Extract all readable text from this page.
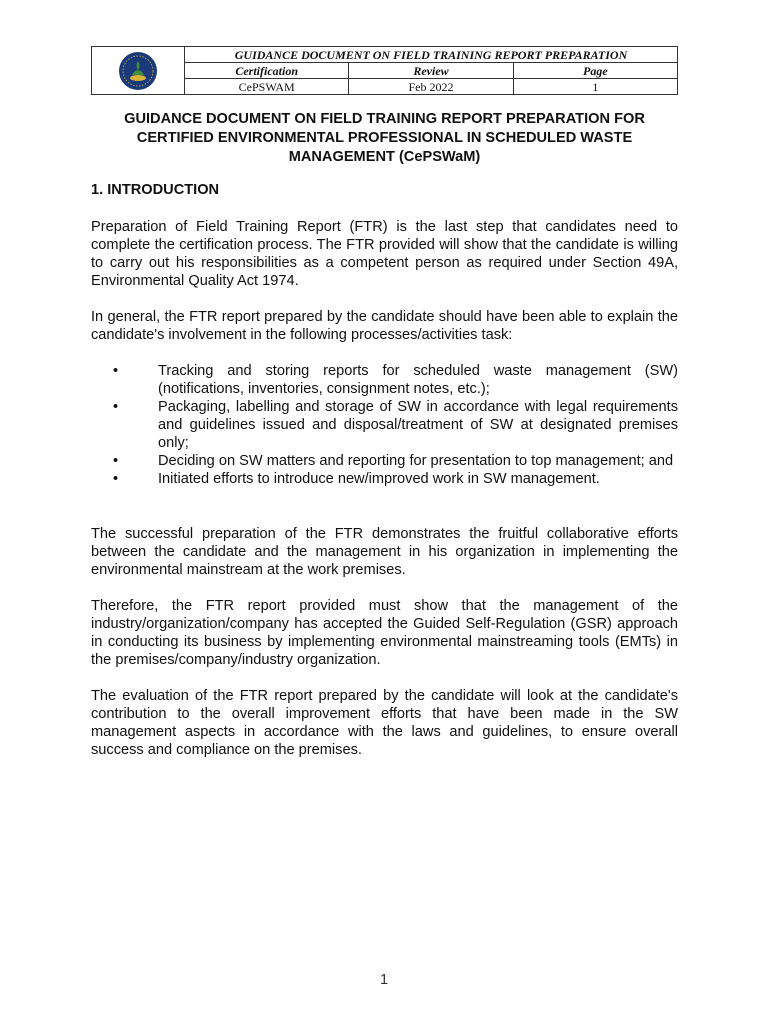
	GUIDANCE DOCUMENT ON FIELD TRAINING REPORT PREPARATION		
	Certification	Review	Page
	CePSWAM	Feb 2022	1
GUIDANCE DOCUMENT ON FIELD TRAINING REPORT PREPARATION FOR CERTIFIED ENVIRONMENTAL PROFESSIONAL IN SCHEDULED WASTE MANAGEMENT (CePSWaM)
1. INTRODUCTION

Preparation of Field Training Report (FTR) is the last step that candidates need to complete the certification process. The FTR provided will show that the candidate is willing to carry out his responsibilities as a competent person as required under Section 49A, Environmental Quality Act 1974.

In general, the FTR report prepared by the candidate should have been able to explain the candidate's involvement in the following processes/activities task:

•	Tracking and storing reports for scheduled waste management (SW) (notifications, inventories, consignment notes, etc.);
•	Packaging, labelling and storage of SW in accordance with legal requirements and guidelines issued and disposal/treatment of SW at designated premises only;
•	Deciding on SW matters and reporting for presentation to top management; and
•	Initiated efforts to introduce new/improved work in SW management.

The successful preparation of the FTR demonstrates the fruitful collaborative efforts between the candidate and the management in his organization in implementing the environmental mainstream at the work premises.

Therefore, the FTR report provided must show that the management of the industry/organization/company has accepted the Guided Self-Regulation (GSR) approach in conducting its business by implementing environmental mainstreaming tools (EMTs) in the premises/company/industry organization.

The evaluation of the FTR report prepared by the candidate will look at the candidate's contribution to the overall improvement efforts that have been made in the SW management aspects in accordance with the laws and guidelines, to ensure overall success and compliance on the premises.

1
